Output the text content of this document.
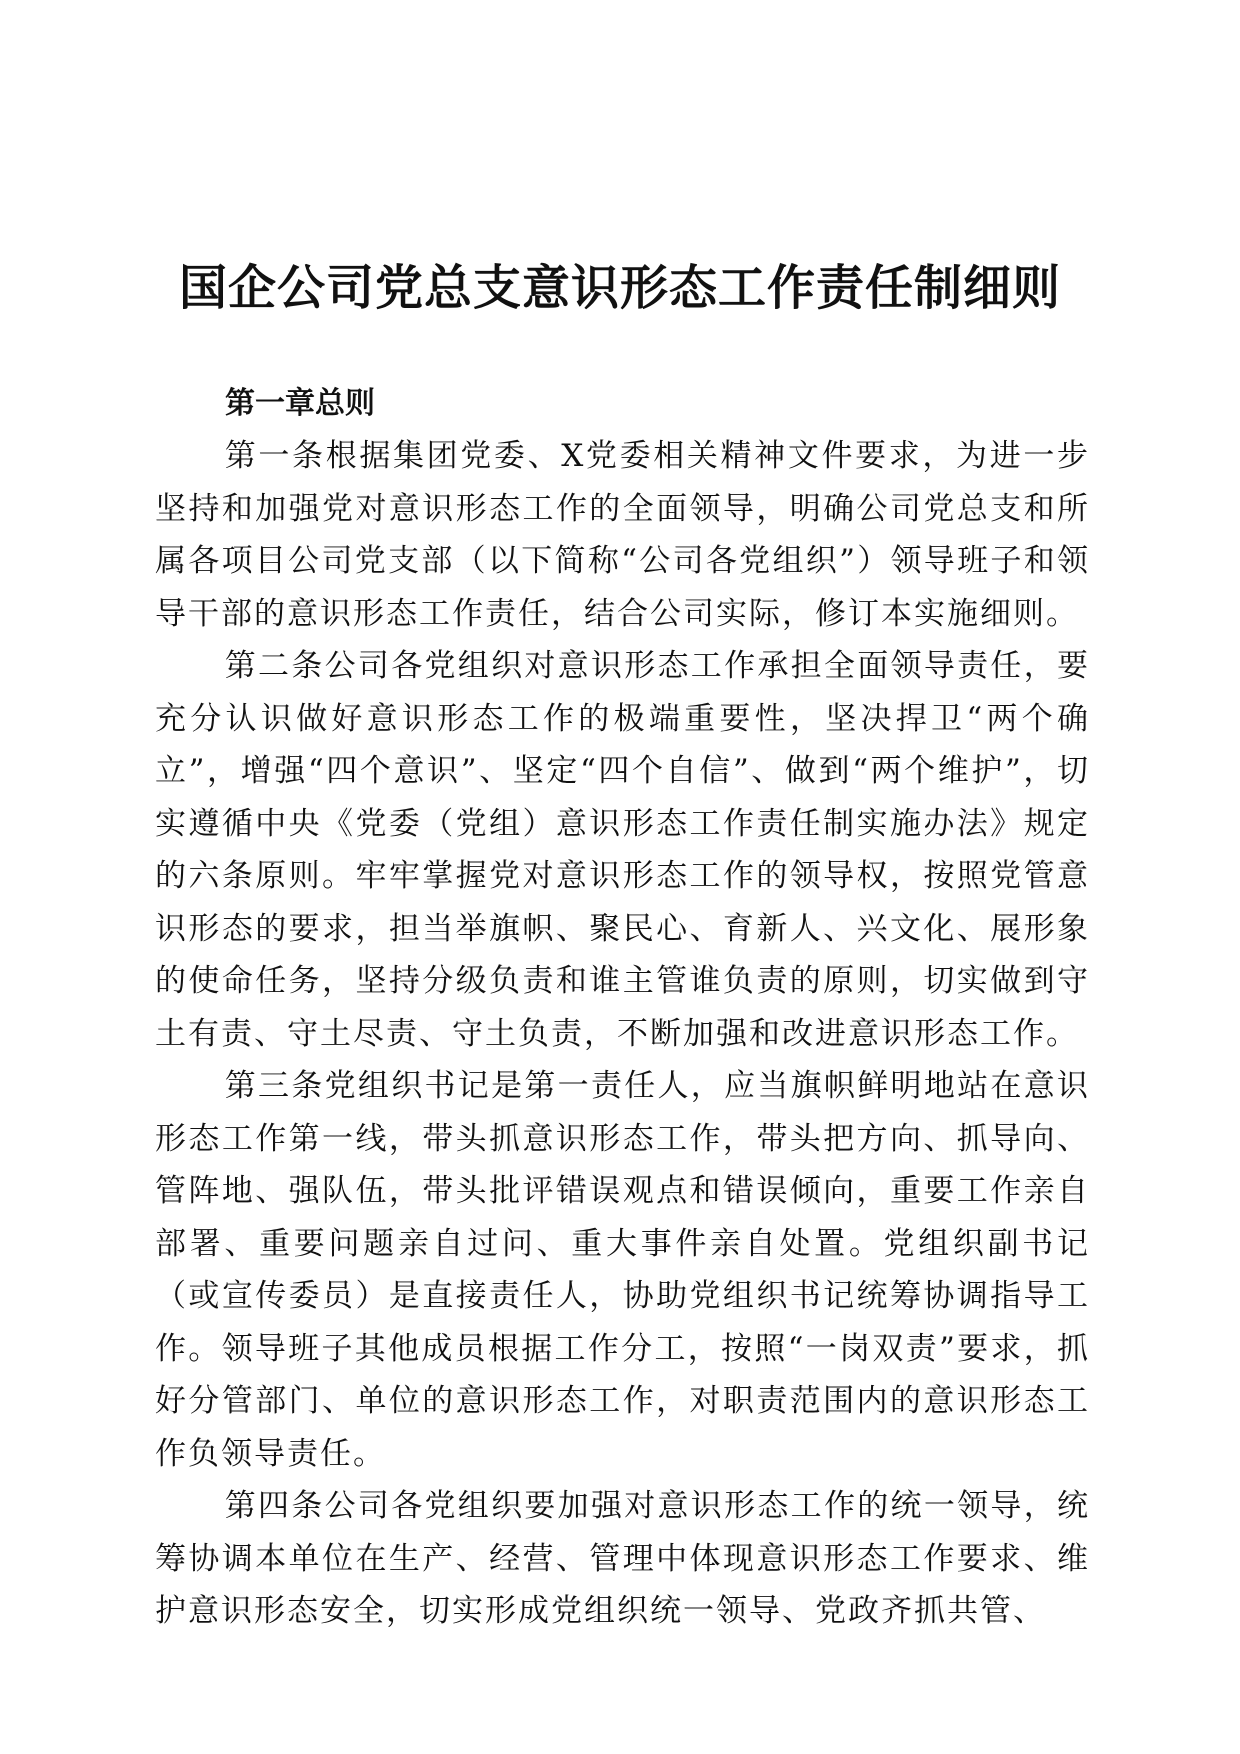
国企公司党总支意识形态工作责任制细则
第一章总则

第一条根据集团党委、X党委相关精神文件要求，为进一步坚持和加强党对意识形态工作的全面领导，明确公司党总支和所属各项目公司党支部（以下简称“公司各党组织”）领导班子和领导干部的意识形态工作责任，结合公司实际，修订本实施细则。

第二条公司各党组织对意识形态工作承担全面领导责任，要充分认识做好意识形态工作的极端重要性，坚决捍卫“两个确立”，增强“四个意识”、坚定“四个自信”、做到“两个维护”，切实遵循中央《党委（党组）意识形态工作责任制实施办法》规定的六条原则。牢牢掌握党对意识形态工作的领导权，按照党管意识形态的要求，担当举旗帜、聚民心、育新人、兴文化、展形象的使命任务，坚持分级负责和谁主管谁负责的原则，切实做到守土有责、守土尽责、守土负责，不断加强和改进意识形态工作。

第三条党组织书记是第一责任人，应当旗帜鲜明地站在意识形态工作第一线，带头抓意识形态工作，带头把方向、抓导向、管阵地、强队伍，带头批评错误观点和错误倾向，重要工作亲自部署、重要问题亲自过问、重大事件亲自处置。党组织副书记（或宣传委员）是直接责任人，协助党组织书记统筹协调指导工作。领导班子其他成员根据工作分工，按照“一岗双责”要求，抓好分管部门、单位的意识形态工作，对职责范围内的意识形态工作负领导责任。

第四条公司各党组织要加强对意识形态工作的统一领导，统筹协调本单位在生产、经营、管理中体现意识形态工作要求、维护意识形态安全，切实形成党组织统一领导、党政齐抓共管、
